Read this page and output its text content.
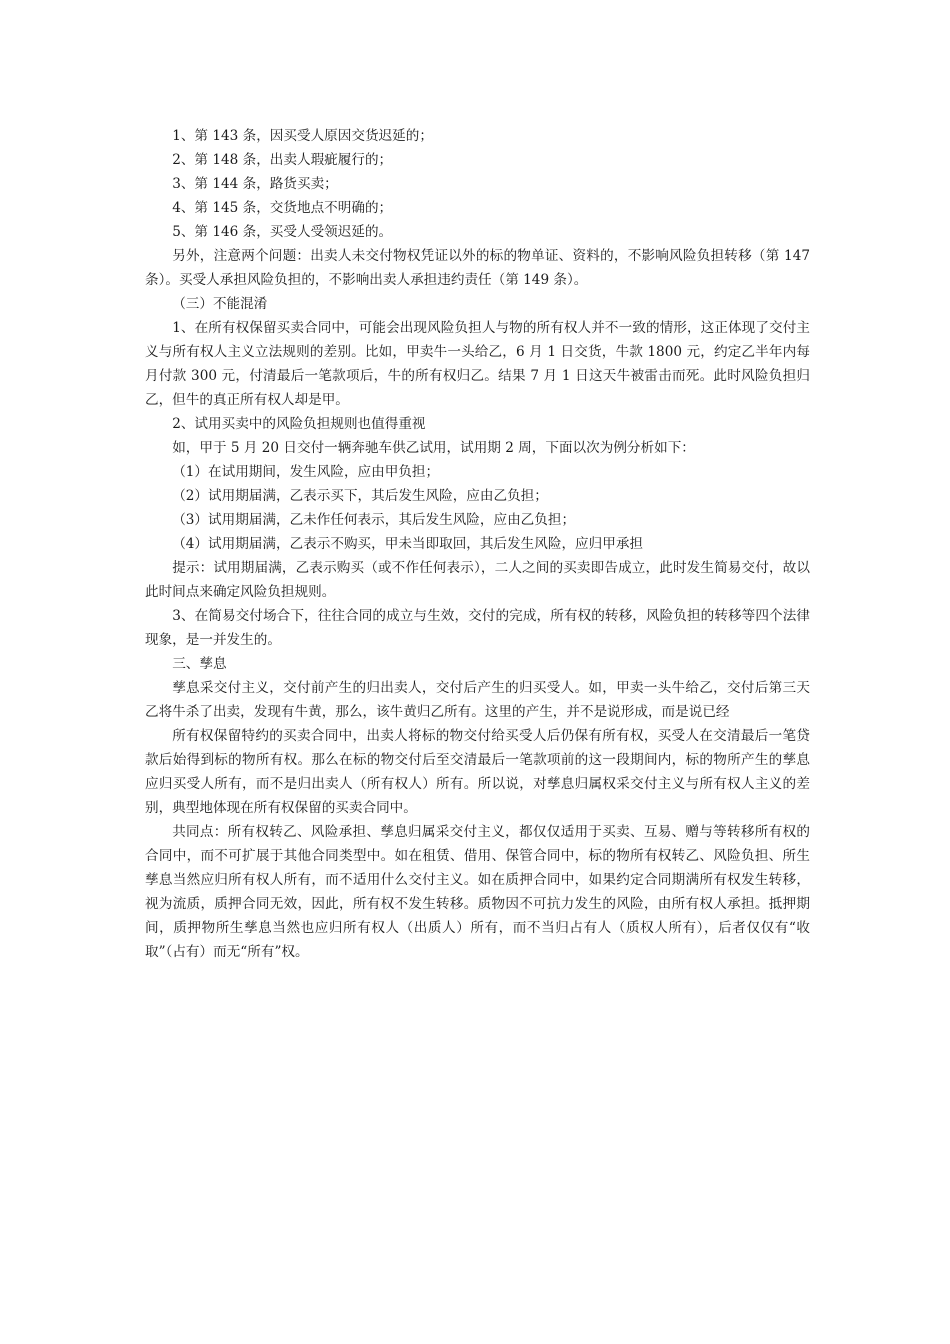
1、第 143 条，因买受人原因交货迟延的；

2、第 148 条，出卖人瑕疵履行的；

3、第 144 条，路货买卖；

4、第 145 条，交货地点不明确的；

5、第 146 条，买受人受领迟延的。

另外，注意两个问题：出卖人未交付物权凭证以外的标的物单证、资料的，不影响风险负担转移（第 147 条）。买受人承担风险负担的，不影响出卖人承担违约责任（第 149 条）。

（三）不能混淆

1、在所有权保留买卖合同中，可能会出现风险负担人与物的所有权人并不一致的情形，这正体现了交付主义与所有权人主义立法规则的差别。比如，甲卖牛一头给乙，6 月 1 日交货，牛款 1800 元，约定乙半年内每月付款 300 元，付清最后一笔款项后，牛的所有权归乙。结果 7 月 1 日这天牛被雷击而死。此时风险负担归乙，但牛的真正所有权人却是甲。

2、试用买卖中的风险负担规则也值得重视

如，甲于 5 月 20 日交付一辆奔驰车供乙试用，试用期 2 周，下面以次为例分析如下：

（1）在试用期间，发生风险，应由甲负担；

（2）试用期届满，乙表示买下，其后发生风险，应由乙负担；

（3）试用期届满，乙未作任何表示，其后发生风险，应由乙负担；

（4）试用期届满，乙表示不购买，甲未当即取回，其后发生风险，应归甲承担

提示：试用期届满，乙表示购买（或不作任何表示），二人之间的买卖即告成立，此时发生简易交付，故以此时间点来确定风险负担规则。

3、在简易交付场合下，往往合同的成立与生效，交付的完成，所有权的转移，风险负担的转移等四个法律现象，是一并发生的。

三、孳息

孳息采交付主义，交付前产生的归出卖人，交付后产生的归买受人。如，甲卖一头牛给乙，交付后第三天乙将牛杀了出卖，发现有牛黄，那么，该牛黄归乙所有。这里的产生，并不是说形成，而是说已经

所有权保留特约的买卖合同中，出卖人将标的物交付给买受人后仍保有所有权，买受人在交清最后一笔贷款后始得到标的物所有权。那么在标的物交付后至交清最后一笔款项前的这一段期间内，标的物所产生的孳息应归买受人所有，而不是归出卖人（所有权人）所有。所以说，对孳息归属权采交付主义与所有权人主义的差别，典型地体现在所有权保留的买卖合同中。

共同点：所有权转乙、风险承担、孳息归属采交付主义，都仅仅适用于买卖、互易、赠与等转移所有权的合同中，而不可扩展于其他合同类型中。如在租赁、借用、保管合同中，标的物所有权转乙、风险负担、所生孳息当然应归所有权人所有，而不适用什么交付主义。如在质押合同中，如果约定合同期满所有权发生转移，视为流质，质押合同无效，因此，所有权不发生转移。质物因不可抗力发生的风险，由所有权人承担。抵押期间，质押物所生孳息当然也应归所有权人（出质人）所有，而不当归占有人（质权人所有），后者仅仅有“收取”（占有）而无“所有”权。
